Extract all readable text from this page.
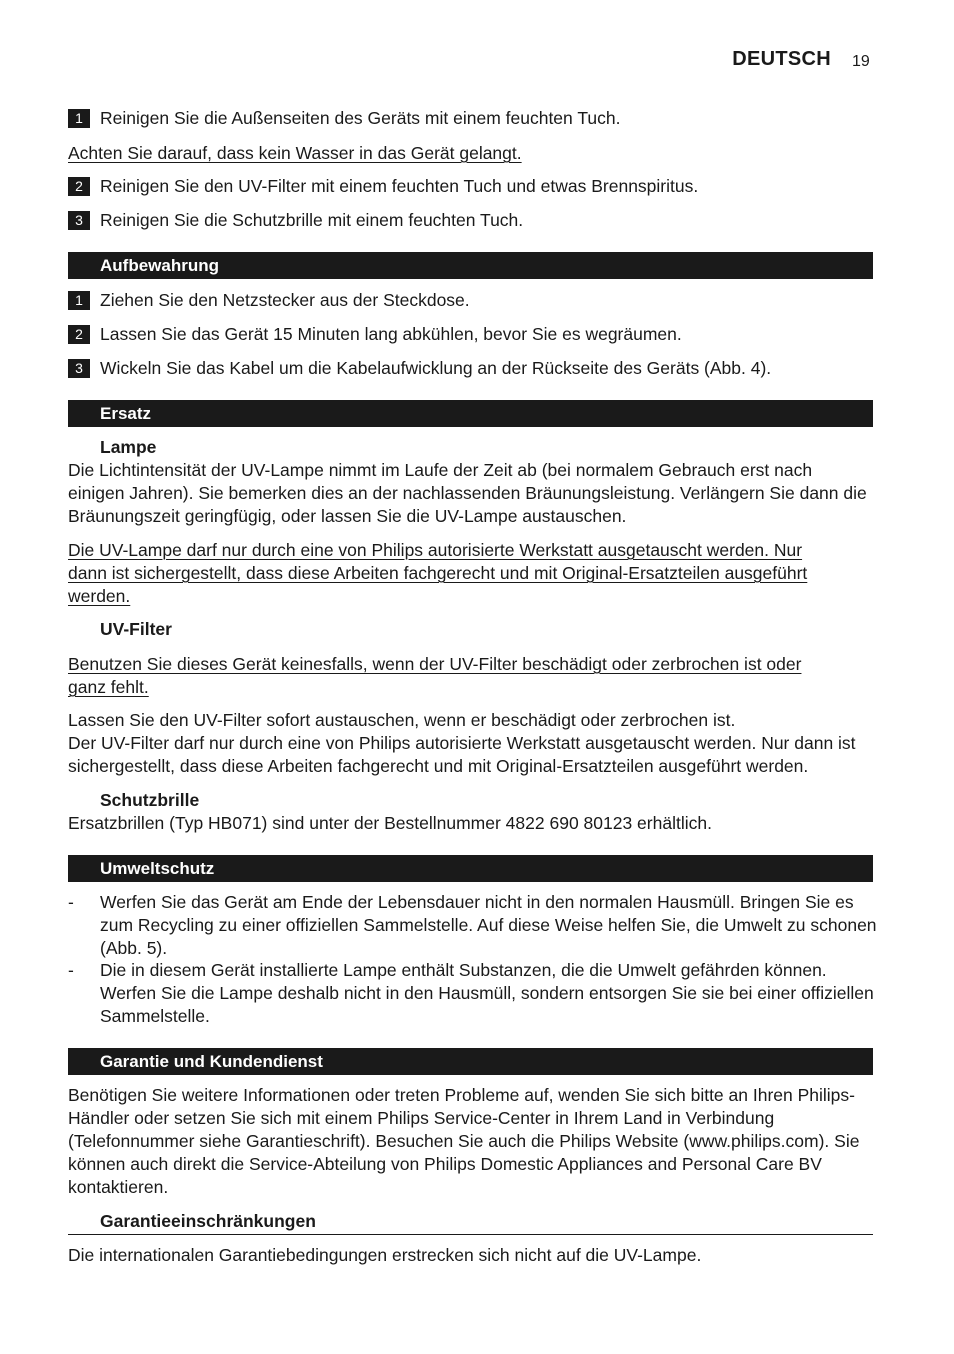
DEUTSCH 19
1 Reinigen Sie die Außenseiten des Geräts mit einem feuchten Tuch.
Achten Sie darauf, dass kein Wasser in das Gerät gelangt.
2 Reinigen Sie den UV-Filter mit einem feuchten Tuch und etwas Brennspiritus.
3 Reinigen Sie die Schutzbrille mit einem feuchten Tuch.
Aufbewahrung
1 Ziehen Sie den Netzstecker aus der Steckdose.
2 Lassen Sie das Gerät 15 Minuten lang abkühlen, bevor Sie es wegräumen.
3 Wickeln Sie das Kabel um die Kabelaufwicklung an der Rückseite des Geräts (Abb. 4).
Ersatz
Lampe
Die Lichtintensität der UV-Lampe nimmt im Laufe der Zeit ab (bei normalem Gebrauch erst nach einigen Jahren). Sie bemerken dies an der nachlassenden Bräunungsleistung. Verlängern Sie dann die Bräunungszeit geringfügig, oder lassen Sie die UV-Lampe austauschen.
Die UV-Lampe darf nur durch eine von Philips autorisierte Werkstatt ausgetauscht werden. Nur
dann ist sichergestellt, dass diese Arbeiten fachgerecht und mit Original-Ersatzteilen ausgeführt
werden.
UV-Filter
Benutzen Sie dieses Gerät keinesfalls, wenn der UV-Filter beschädigt oder zerbrochen ist oder
ganz fehlt.
Lassen Sie den UV-Filter sofort austauschen, wenn er beschädigt oder zerbrochen ist.
Der UV-Filter darf nur durch eine von Philips autorisierte Werkstatt ausgetauscht werden. Nur dann ist sichergestellt, dass diese Arbeiten fachgerecht und mit Original-Ersatzteilen ausgeführt werden.
Schutzbrille
Ersatzbrillen (Typ HB071) sind unter der Bestellnummer 4822 690 80123 erhältlich.
Umweltschutz
- Werfen Sie das Gerät am Ende der Lebensdauer nicht in den normalen Hausmüll. Bringen Sie es zum Recycling zu einer offiziellen Sammelstelle. Auf diese Weise helfen Sie, die Umwelt zu schonen (Abb. 5).
- Die in diesem Gerät installierte Lampe enthält Substanzen, die die Umwelt gefährden können. Werfen Sie die Lampe deshalb nicht in den Hausmüll, sondern entsorgen Sie sie bei einer offiziellen Sammelstelle.
Garantie und Kundendienst
Benötigen Sie weitere Informationen oder treten Probleme auf, wenden Sie sich bitte an Ihren Philips-Händler oder setzen Sie sich mit einem Philips Service-Center in Ihrem Land in Verbindung (Telefonnummer siehe Garantieschrift). Besuchen Sie auch die Philips Website (www.philips.com). Sie können auch direkt die Service-Abteilung von Philips Domestic Appliances and Personal Care BV kontaktieren.
Garantieeinschränkungen
Die internationalen Garantiebedingungen erstrecken sich nicht auf die UV-Lampe.
